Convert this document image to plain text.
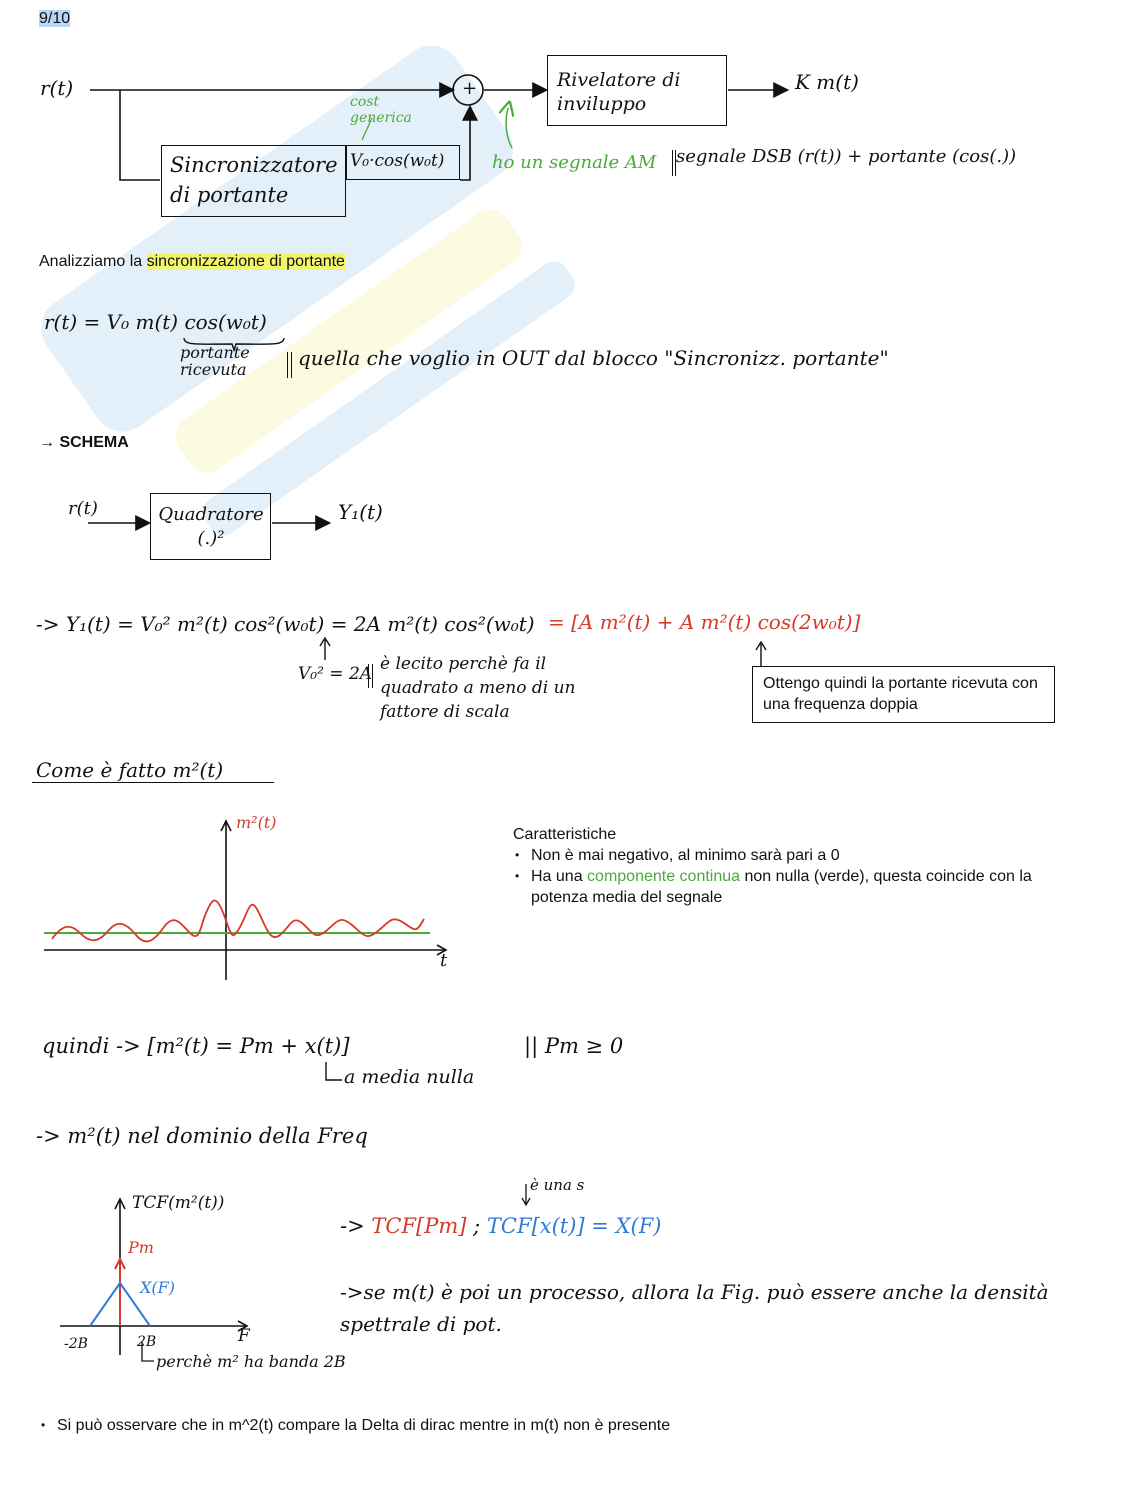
9/10
Rivelatore di inviluppo
Sincronizzatore di portante
V₀·cos(w₀t)
r(t)	+	K m(t)
cost generica
ho un segnale AM segnale DSB (r(t)) + portante (cos(.))
Analizziamo la sincronizzazione di portante
r(t) = V₀ m(t) cos(w₀t)
portante ricevuta	quella che voglio in OUT dal blocco "Sincronizz. portante"
→ SCHEMA
Quadratore (.)²
r(t)	Y₁(t)
-> Y₁(t) = V₀² m²(t) cos²(w₀t) = 2A m²(t) cos²(w₀t) = [A m²(t) + A m²(t) cos(2w₀t)]
V₀² = 2A è lecito perchè fa il quadrato a meno di un fattore di scala
Ottengo quindi la portante ricevuta con una frequenza doppia
Come è fatto m²(t)
m²(t)
t
Caratteristiche
• Non è mai negativo, al minimo sarà pari a 0
• Ha una componente continua non nulla (verde), questa coincide con la potenza media del segnale
quindi -> [m²(t) = Pm + x(t)]
a media nulla
|| Pm ≥ 0
-> m²(t) nel dominio della Freq
TCF(m²(t))
Pm
X(F)
-2B	2B	F
perchè m² ha banda 2B
-> TCF[Pm] ; TCF[x(t)] = X(F)
è una s
->se m(t) è poi un processo, allora la Fig. può essere anche la densità spettrale di pot.
• Si può osservare che in m^2(t) compare la Delta di dirac mentre in m(t) non è presente
